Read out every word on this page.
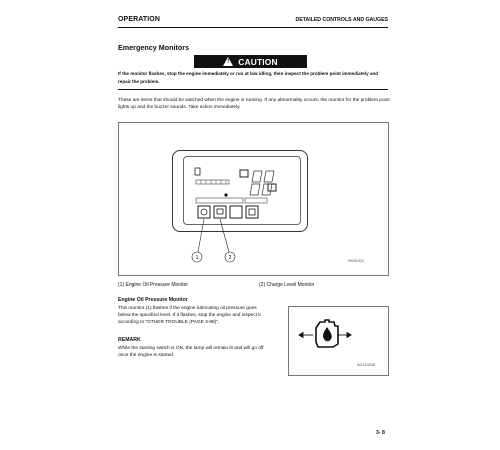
OPERATION	DETAILED CONTROLS AND GAUGES
Emergency Monitors
! CAUTION
If the monitor flashes, stop the engine immediately or run at low idling, then inspect the problem point immediately and repair the problem.
These are items that should be watched when the engine is running. If any abnormality occurs, the monitor for the problem point lights up and the buzzer sounds. Take action immediately.
1	2	3W01532
(1) Engine Oil Pressure Monitor	(2) Charge Level Monitor
Engine Oil Pressure Monitor
This monitor (1) flashes if the engine lubricating oil pressure goes below the specified level. If it flashes, stop the engine and inspect it according to "OTHER TROUBLE (PAGE 3-88)".
REMARK
While the starting switch is ON, the lamp will remain lit and will go off once the engine is started.
AD143538
3- 8
